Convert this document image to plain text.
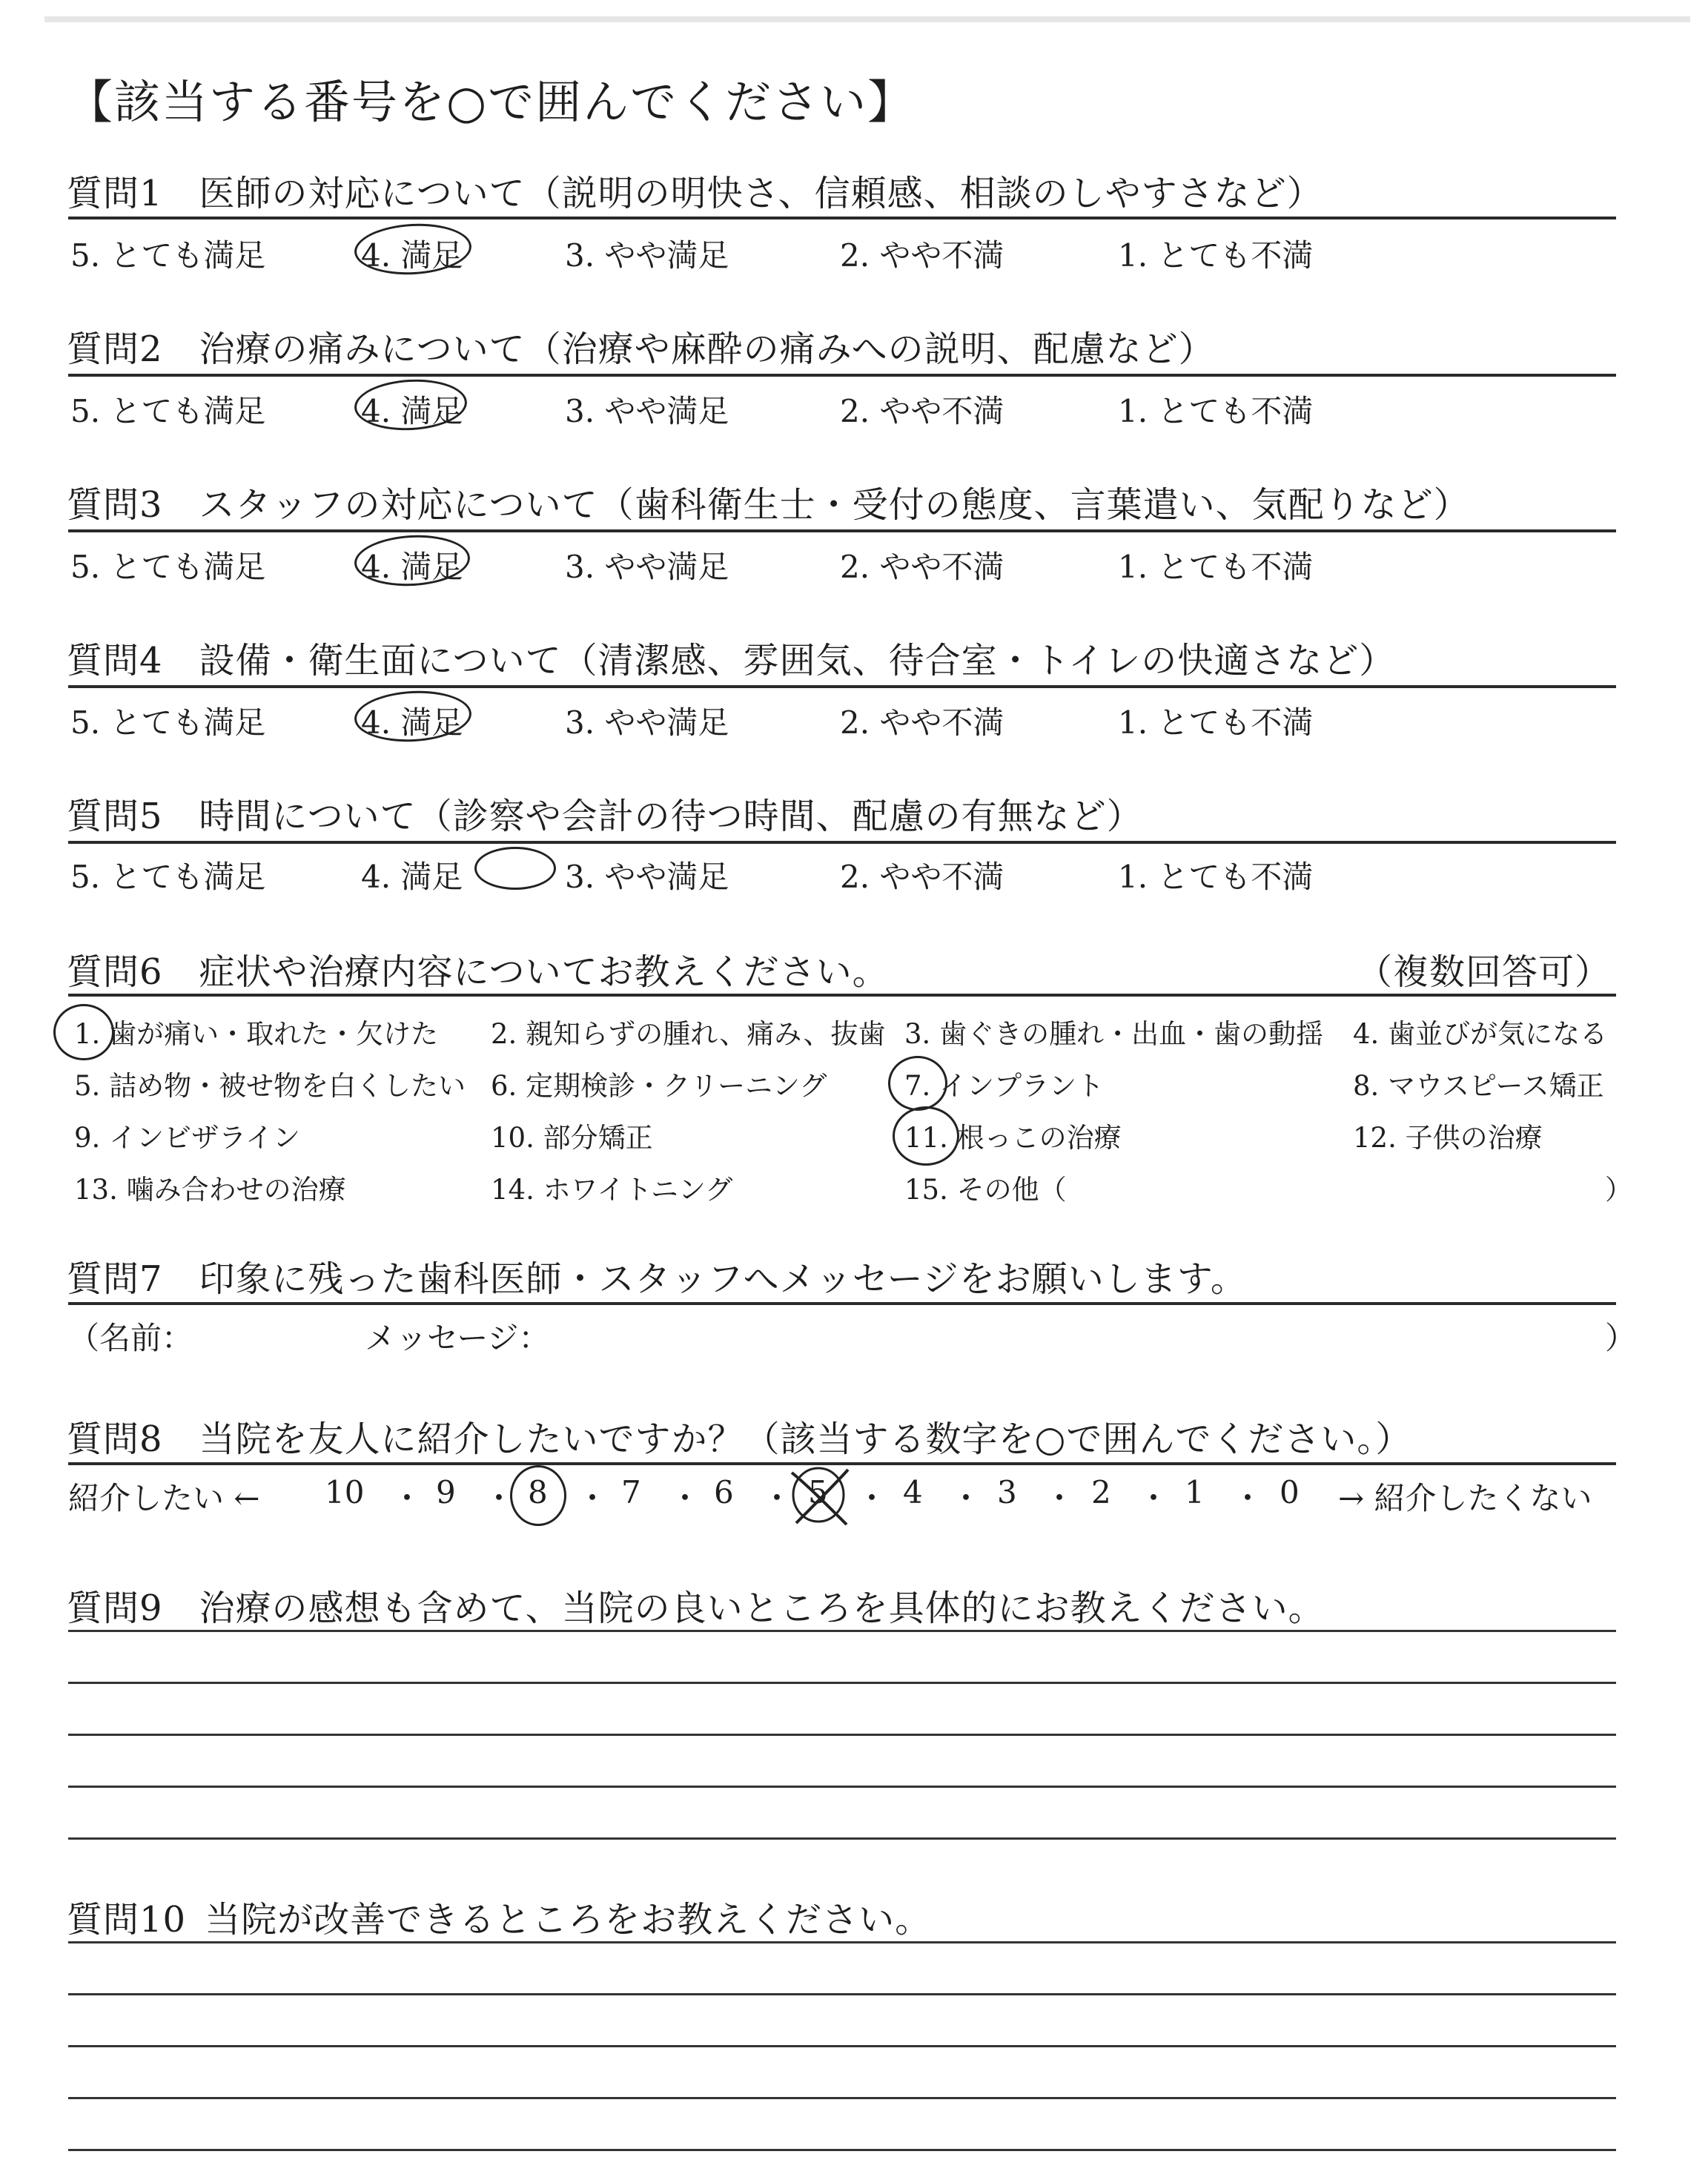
【該当する番号を○で囲んでください】
質問1  医師の対応について（説明の明快さ、信頼感、相談のしやすさなど）
5. とても満足	4. 満足	3. やや満足	2. やや不満	1. とても不満
質問2  治療の痛みについて（治療や麻酔の痛みへの説明、配慮など）
5. とても満足	4. 満足	3. やや満足	2. やや不満	1. とても不満
質問3  スタッフの対応について（歯科衛生士・受付の態度、言葉遣い、気配りなど）
5. とても満足	4. 満足	3. やや満足	2. やや不満	1. とても不満
質問4  設備・衛生面について（清潔感、雰囲気、待合室・トイレの快適さなど）
5. とても満足	4. 満足	3. やや満足	2. やや不満	1. とても不満
質問5  時間について（診察や会計の待つ時間、配慮の有無など）
5. とても満足	4. 満足	3. やや満足	2. やや不満	1. とても不満
質問6  症状や治療内容についてお教えください。	（複数回答可）
1. 歯が痛い・取れた・欠けた 2. 親知らずの腫れ、痛み、抜歯 3. 歯ぐきの腫れ・出血・歯の動揺 4. 歯並びが気になる
5. 詰め物・被せ物を白くしたい 6. 定期検診・クリーニング	7. インプラント	8. マウスピース矯正
9. インビザライン	10. 部分矯正	11. 根っこの治療	12. 子供の治療
13. 噛み合わせの治療	14. ホワイトニング	15. その他（	）
質問7  印象に残った歯科医師・スタッフへメッセージをお願いします。
（名前：	メッセージ：	）
質問8  当院を友人に紹介したいですか？（該当する数字を○で囲んでください。）
紹介したい ←	→ 紹介したくない
10 ・ 9 ・ 8 ・ 7 ・ 6 ・ 5 ・ 4 ・ 3 ・ 2 ・ 1 ・ 0
質問9  治療の感想も含めて、当院の良いところを具体的にお教えください。
質問10  当院が改善できるところをお教えください。
